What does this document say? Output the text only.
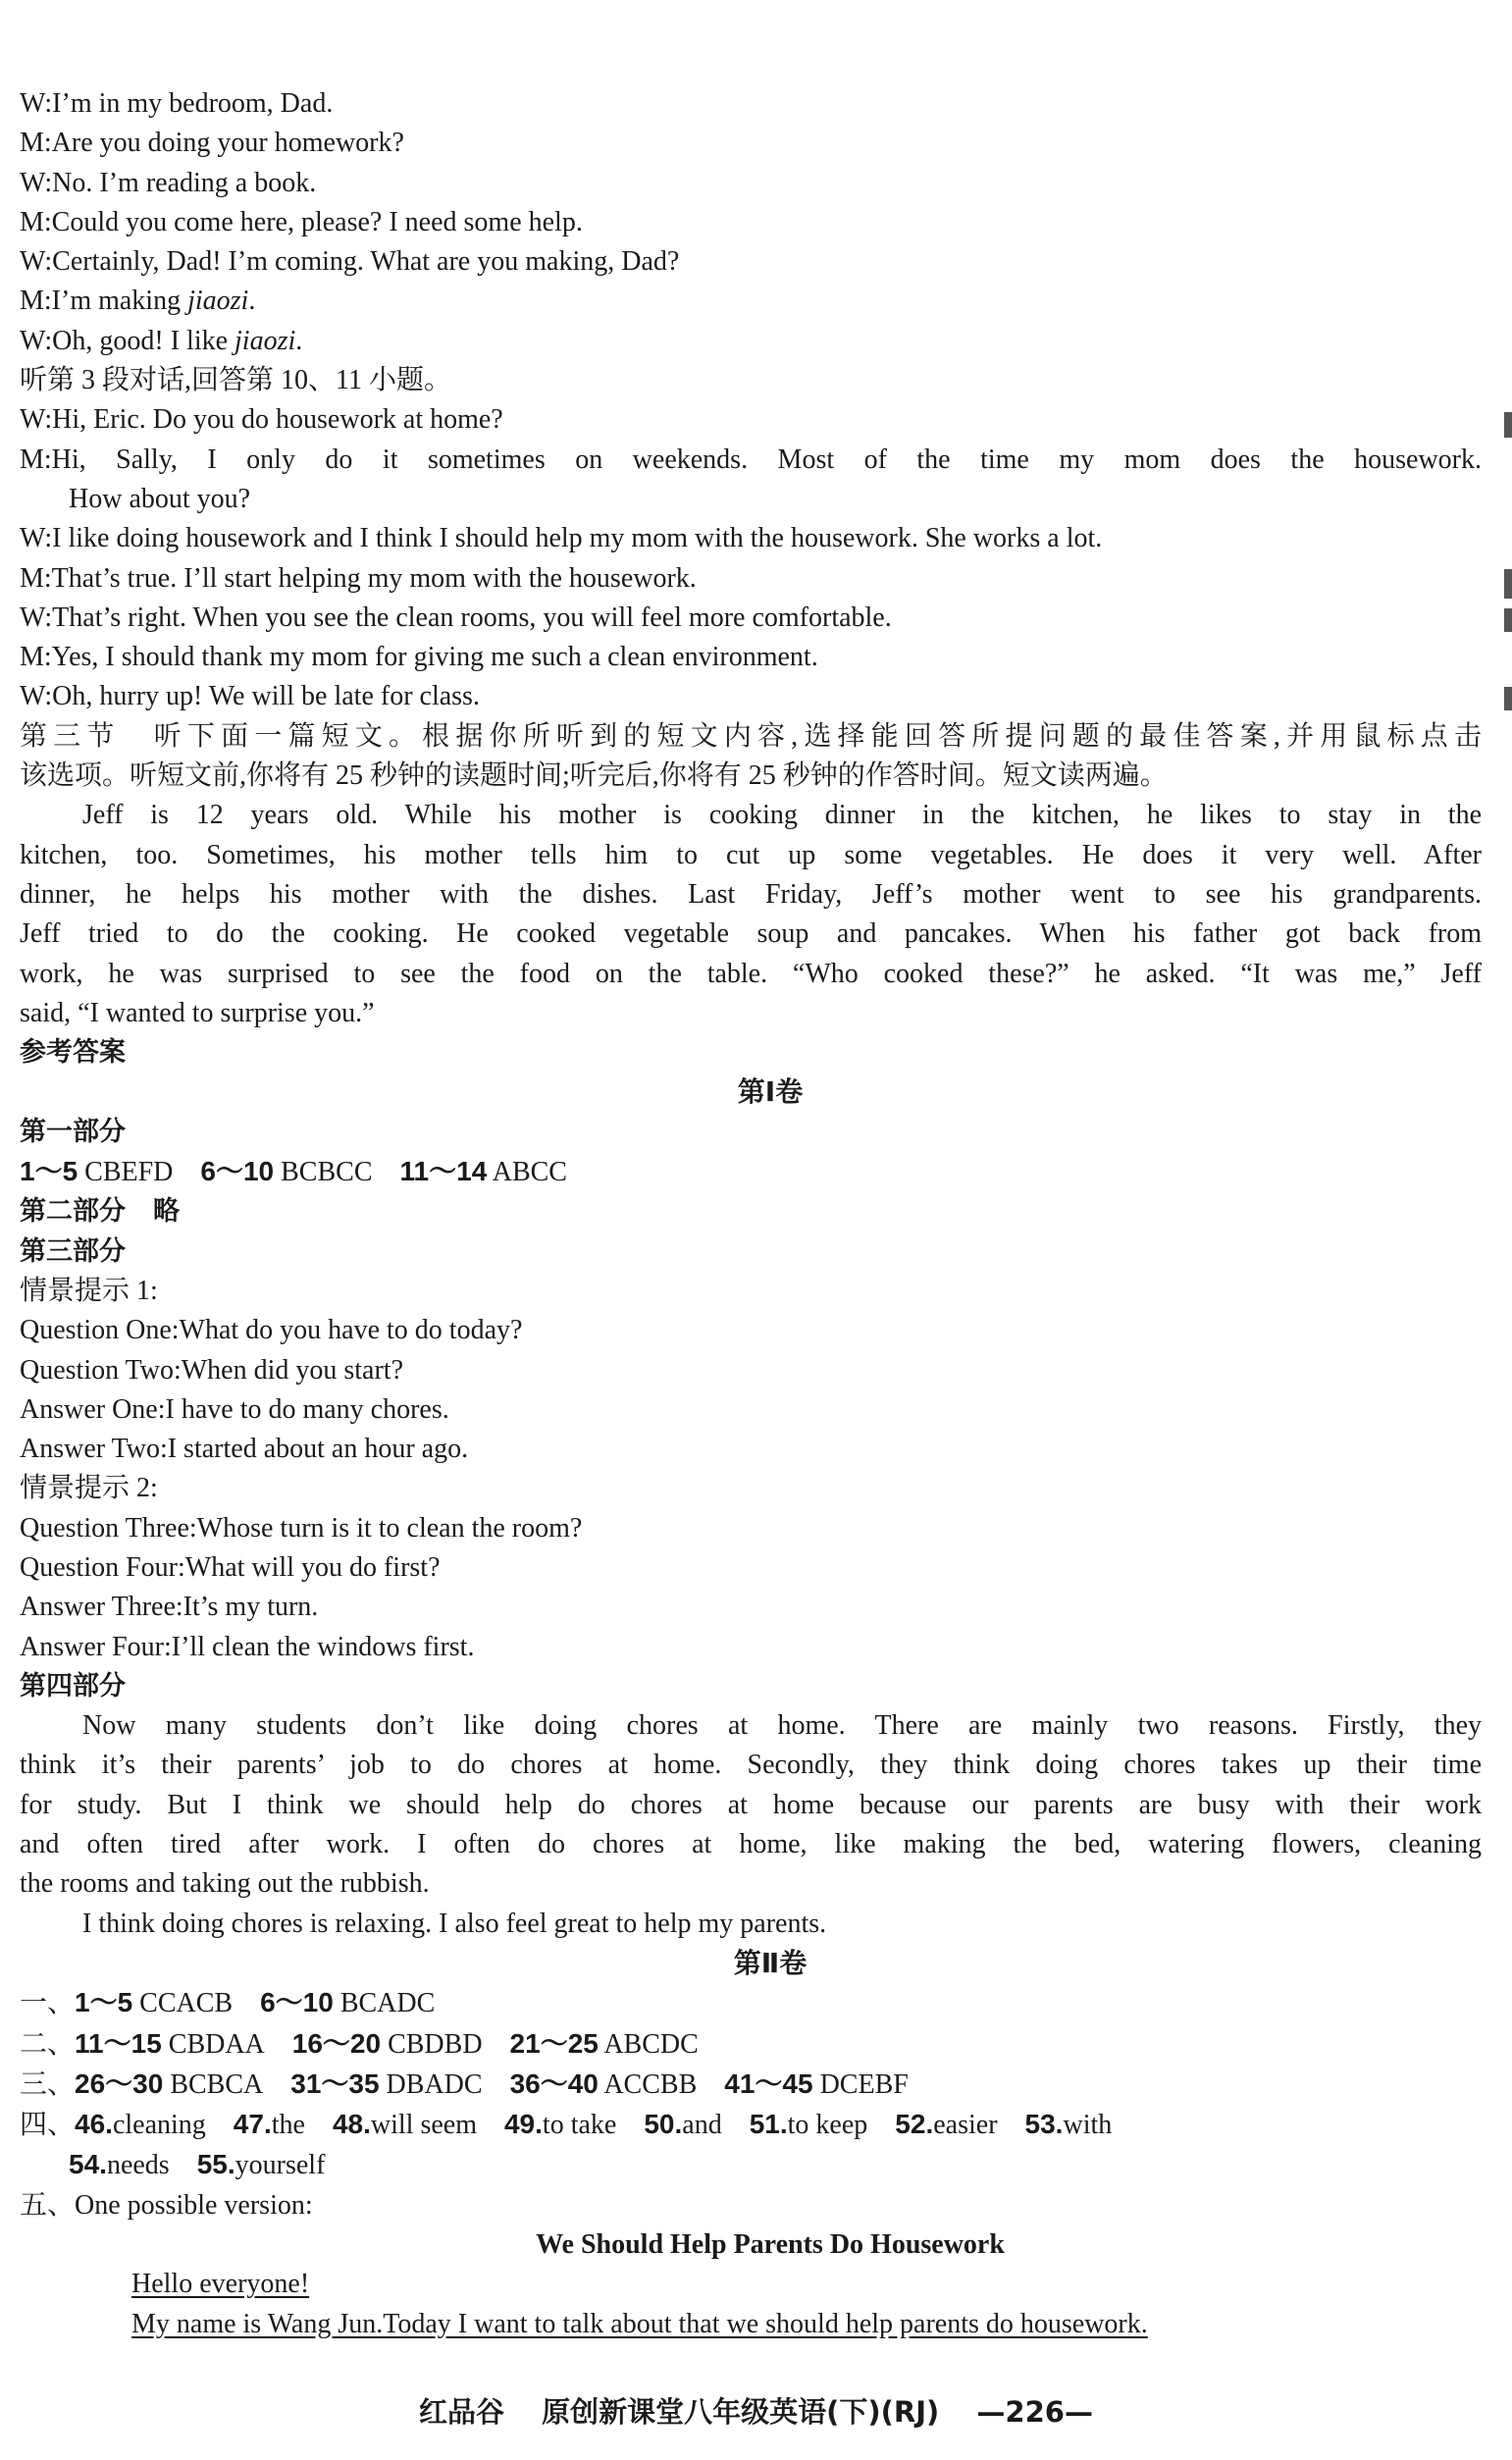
W:I’m in my bedroom, Dad.
M:Are you doing your homework?
W:No. I’m reading a book.
M:Could you come here, please? I need some help.
W:Certainly, Dad! I’m coming. What are you making, Dad?
M:I’m making jiaozi.
W:Oh, good! I like jiaozi.
听第 3 段对话,回答第 10、11 小题。
W:Hi, Eric. Do you do housework at home?
M:Hi, Sally, I only do it sometimes on weekends. Most of the time my mom does the housework.
How about you?
W:I like doing housework and I think I should help my mom with the housework. She works a lot.
M:That’s true. I’ll start helping my mom with the housework.
W:That’s right. When you see the clean rooms, you will feel more comfortable.
M:Yes, I should thank my mom for giving me such a clean environment.
W:Oh, hurry up! We will be late for class.
第三节　听下面一篇短文。根据你所听到的短文内容,选择能回答所提问题的最佳答案,并用鼠标点击
该选项。听短文前,你将有 25 秒钟的读题时间;听完后,你将有 25 秒钟的作答时间。短文读两遍。
Jeff is 12 years old. While his mother is cooking dinner in the kitchen, he likes to stay in the
kitchen, too. Sometimes, his mother tells him to cut up some vegetables. He does it very well. After
dinner, he helps his mother with the dishes. Last Friday, Jeff’s mother went to see his grandparents.
Jeff tried to do the cooking. He cooked vegetable soup and pancakes. When his father got back from
work, he was surprised to see the food on the table. “Who cooked these?” he asked. “It was me,” Jeff
said, “I wanted to surprise you.”
参考答案
第Ⅰ卷
第一部分
1～5 CBEFD 6～10 BCBCC 11～14 ABCC
第二部分 略
第三部分
情景提示 1:
Question One:What do you have to do today?
Question Two:When did you start?
Answer One:I have to do many chores.
Answer Two:I started about an hour ago.
情景提示 2:
Question Three:Whose turn is it to clean the room?
Question Four:What will you do first?
Answer Three:It’s my turn.
Answer Four:I’ll clean the windows first.
第四部分
Now many students don’t like doing chores at home. There are mainly two reasons. Firstly, they
think it’s their parents’ job to do chores at home. Secondly, they think doing chores takes up their time
for study. But I think we should help do chores at home because our parents are busy with their work
and often tired after work. I often do chores at home, like making the bed, watering flowers, cleaning
the rooms and taking out the rubbish.
I think doing chores is relaxing. I also feel great to help my parents.
第Ⅱ卷
一、1～5 CCACB 6～10 BCADC
二、11～15 CBDAA 16～20 CBDBD 21～25 ABCDC
三、26～30 BCBCA 31～35 DBADC 36～40 ACCBB 41～45 DCEBF
四、46.cleaning 47.the 48.will seem 49.to take 50.and 51.to keep 52.easier 53.with
54.needs 55.yourself
五、One possible version:
We Should Help Parents Do Housework
Hello everyone!
My name is Wang Jun.Today I want to talk about that we should help parents do housework.
红品谷 原创新课堂八年级英语(下)(RJ) —226—
